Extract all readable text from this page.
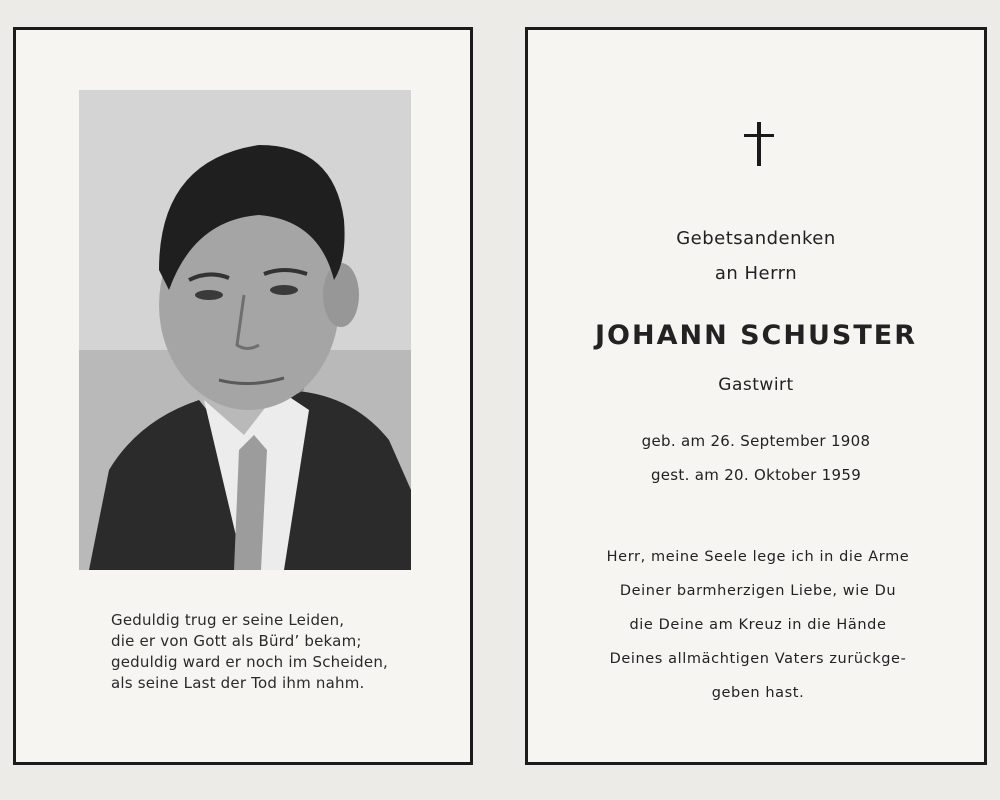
Geduldig trug er seine Leiden,
die er von Gott als Bürd’ bekam;
geduldig ward er noch im Scheiden,
als seine Last der Tod ihm nahm.
Gebetsandenken
an Herrn
JOHANN SCHUSTER
Gastwirt
geb. am 26. September 1908
gest. am 20. Oktober 1959
Herr, meine Seele lege ich in die Arme
Deiner barmherzigen Liebe, wie Du
die Deine am Kreuz in die Hände
Deines allmächtigen Vaters zurückge-
geben hast.
